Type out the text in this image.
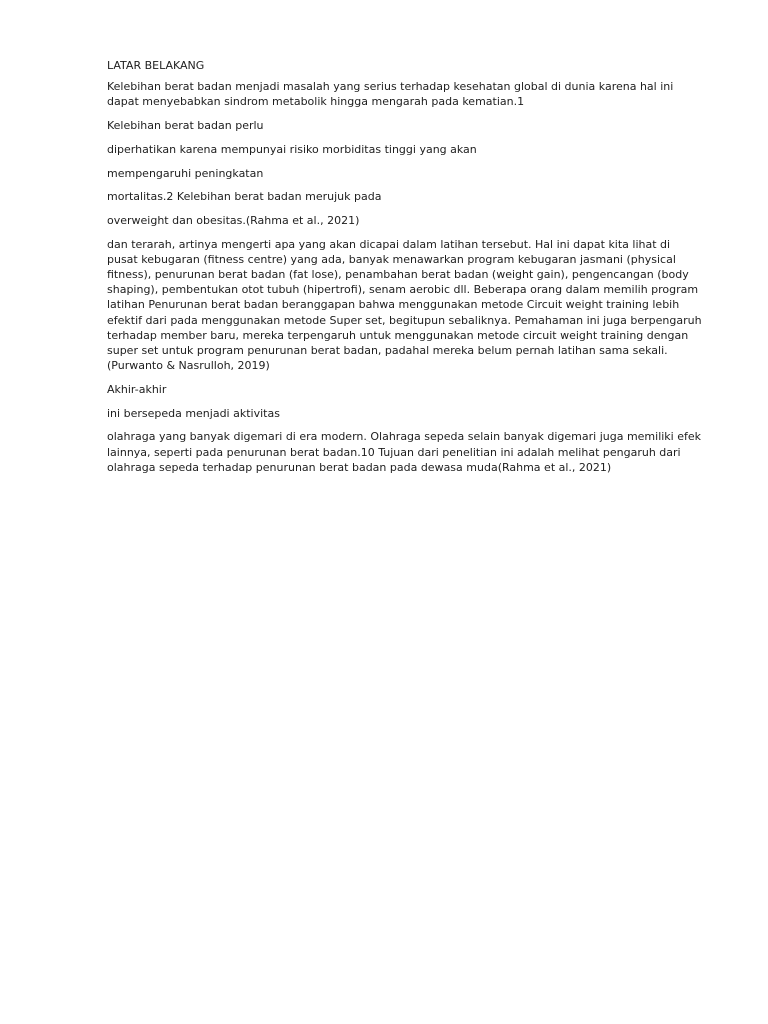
LATAR BELAKANG

Kelebihan berat badan menjadi masalah yang serius terhadap kesehatan global di dunia karena hal ini dapat menyebabkan sindrom metabolik hingga mengarah pada kematian.1

Kelebihan berat badan perlu

diperhatikan karena mempunyai risiko morbiditas tinggi yang akan

mempengaruhi peningkatan

mortalitas.2 Kelebihan berat badan merujuk pada

overweight dan obesitas.(Rahma et al., 2021)

dan terarah, artinya mengerti apa yang akan dicapai dalam latihan tersebut. Hal ini dapat kita lihat di pusat kebugaran (fitness centre) yang ada, banyak menawarkan program kebugaran jasmani (physical fitness), penurunan berat badan (fat lose), penambahan berat badan (weight gain), pengencangan (body shaping), pembentukan otot tubuh (hipertrofi), senam aerobic dll. Beberapa orang dalam memilih program latihan Penurunan berat badan beranggapan bahwa menggunakan metode Circuit weight training lebih efektif dari pada menggunakan metode Super set, begitupun sebaliknya. Pemahaman ini juga berpengaruh terhadap member baru, mereka terpengaruh untuk menggunakan metode circuit weight training dengan super set untuk program penurunan berat badan, padahal mereka belum pernah latihan sama sekali.(Purwanto & Nasrulloh, 2019)

Akhir-akhir

ini bersepeda menjadi aktivitas

olahraga yang banyak digemari di era modern. Olahraga sepeda selain banyak digemari juga memiliki efek lainnya, seperti pada penurunan berat badan.10 Tujuan dari penelitian ini adalah melihat pengaruh dari olahraga sepeda terhadap penurunan berat badan pada dewasa muda(Rahma et al., 2021)
